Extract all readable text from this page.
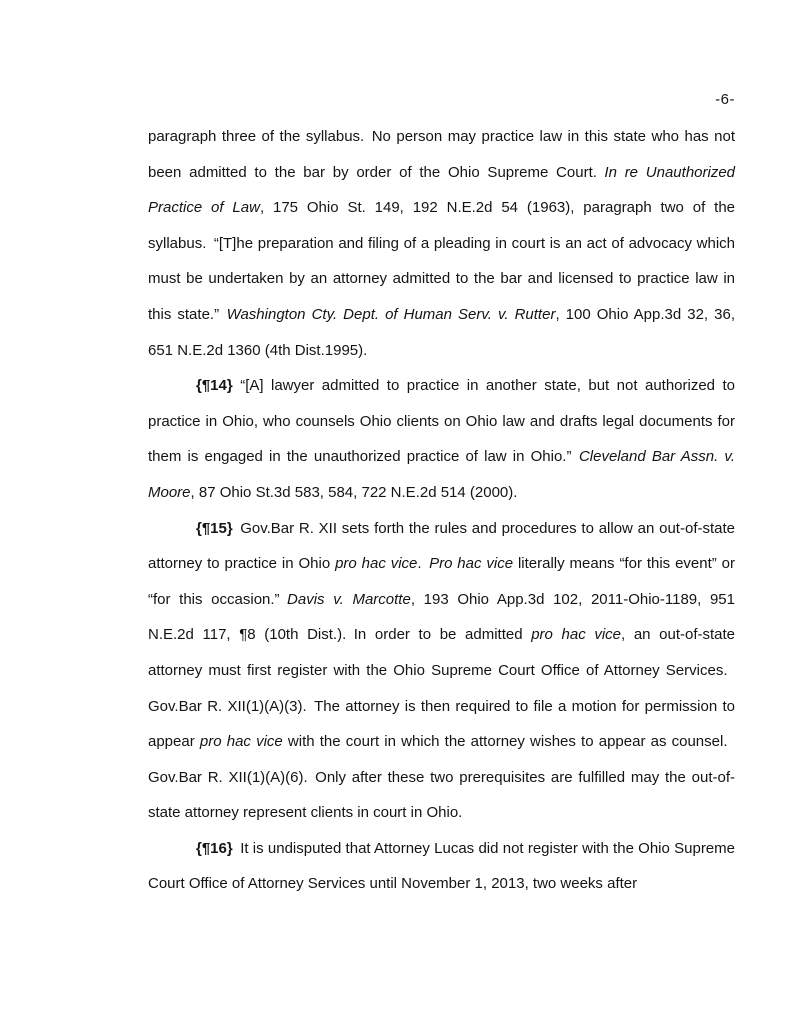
-6-

paragraph three of the syllabus. No person may practice law in this state who has not been admitted to the bar by order of the Ohio Supreme Court. In re Unauthorized Practice of Law, 175 Ohio St. 149, 192 N.E.2d 54 (1963), paragraph two of the syllabus. “[T]he preparation and filing of a pleading in court is an act of advocacy which must be undertaken by an attorney admitted to the bar and licensed to practice law in this state.” Washington Cty. Dept. of Human Serv. v. Rutter, 100 Ohio App.3d 32, 36, 651 N.E.2d 1360 (4th Dist.1995).

{¶14} “[A] lawyer admitted to practice in another state, but not authorized to practice in Ohio, who counsels Ohio clients on Ohio law and drafts legal documents for them is engaged in the unauthorized practice of law in Ohio.” Cleveland Bar Assn. v. Moore, 87 Ohio St.3d 583, 584, 722 N.E.2d 514 (2000).

{¶15} Gov.Bar R. XII sets forth the rules and procedures to allow an out-of-state attorney to practice in Ohio pro hac vice. Pro hac vice literally means “for this event” or “for this occasion.” Davis v. Marcotte, 193 Ohio App.3d 102, 2011-Ohio-1189, 951 N.E.2d 117, ¶8 (10th Dist.). In order to be admitted pro hac vice, an out-of-state attorney must first register with the Ohio Supreme Court Office of Attorney Services. Gov.Bar R. XII(1)(A)(3). The attorney is then required to file a motion for permission to appear pro hac vice with the court in which the attorney wishes to appear as counsel. Gov.Bar R. XII(1)(A)(6). Only after these two prerequisites are fulfilled may the out-of-state attorney represent clients in court in Ohio.

{¶16} It is undisputed that Attorney Lucas did not register with the Ohio Supreme Court Office of Attorney Services until November 1, 2013, two weeks after
